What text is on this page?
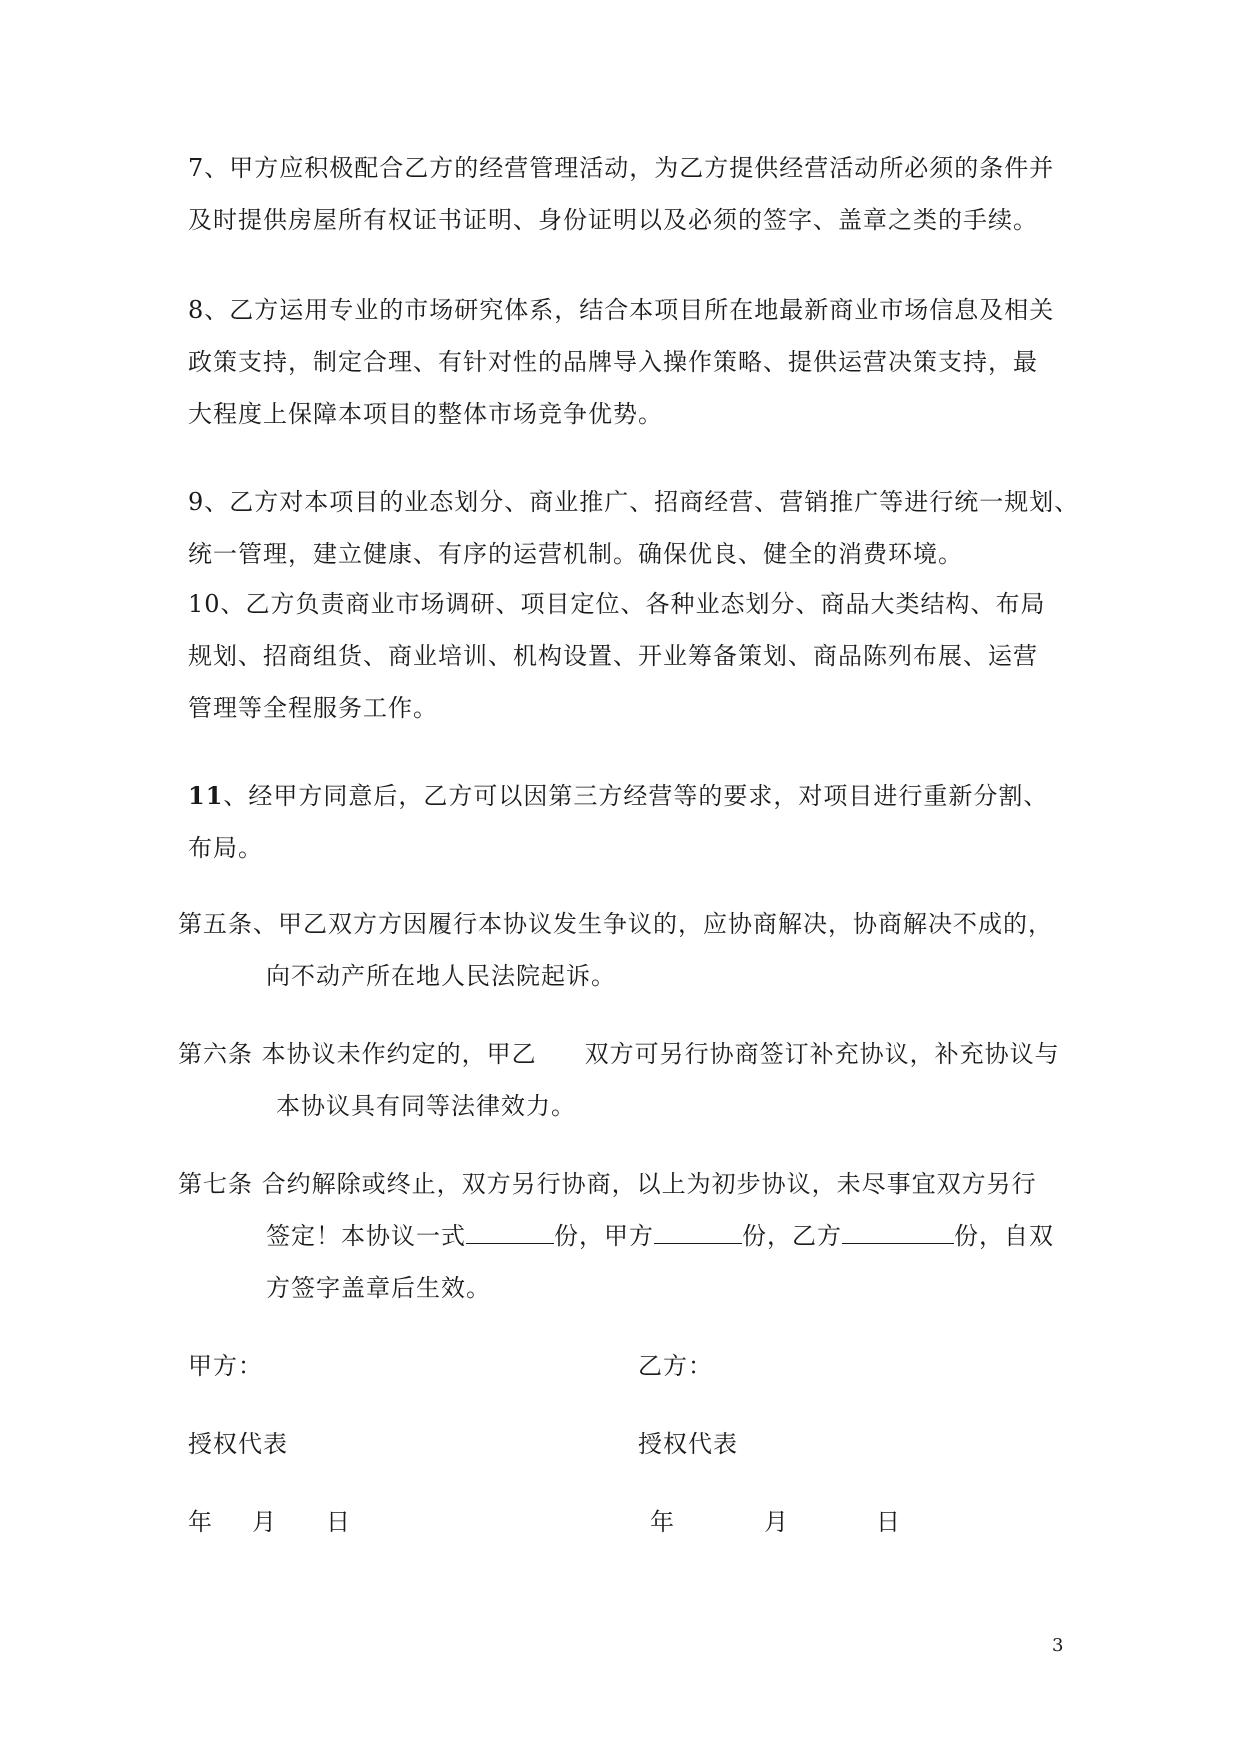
7、甲方应积极配合乙方的经营管理活动，为乙方提供经营活动所必须的条件并
及时提供房屋所有权证书证明、身份证明以及必须的签字、盖章之类的手续。
8、乙方运用专业的市场研究体系，结合本项目所在地最新商业市场信息及相关
政策支持，制定合理、有针对性的品牌导入操作策略、提供运营决策支持，最
大程度上保障本项目的整体市场竞争优势。
9、乙方对本项目的业态划分、商业推广、招商经营、营销推广等进行统一规划、
统一管理，建立健康、有序的运营机制。确保优良、健全的消费环境。
10、乙方负责商业市场调研、项目定位、各种业态划分、商品大类结构、布局
规划、招商组货、商业培训、机构设置、开业筹备策划、商品陈列布展、运营
管理等全程服务工作。
11、经甲方同意后，乙方可以因第三方经营等的要求，对项目进行重新分割、
布局。
第五条、甲乙双方方因履行本协议发生争议的，应协商解决，协商解决不成的，
向不动产所在地人民法院起诉。
第六条 本协议未作约定的，甲乙 双方可另行协商签订补充协议，补充协议与
本协议具有同等法律效力。
第七条 合约解除或终止，双方另行协商，以上为初步协议，未尽事宜双方另行
签定！本协议一式	份，甲方	份，乙方	份，自双
方签字盖章后生效。
甲方：
授权代表
年 月 日
乙方：
授权代表
年	月	日
3
